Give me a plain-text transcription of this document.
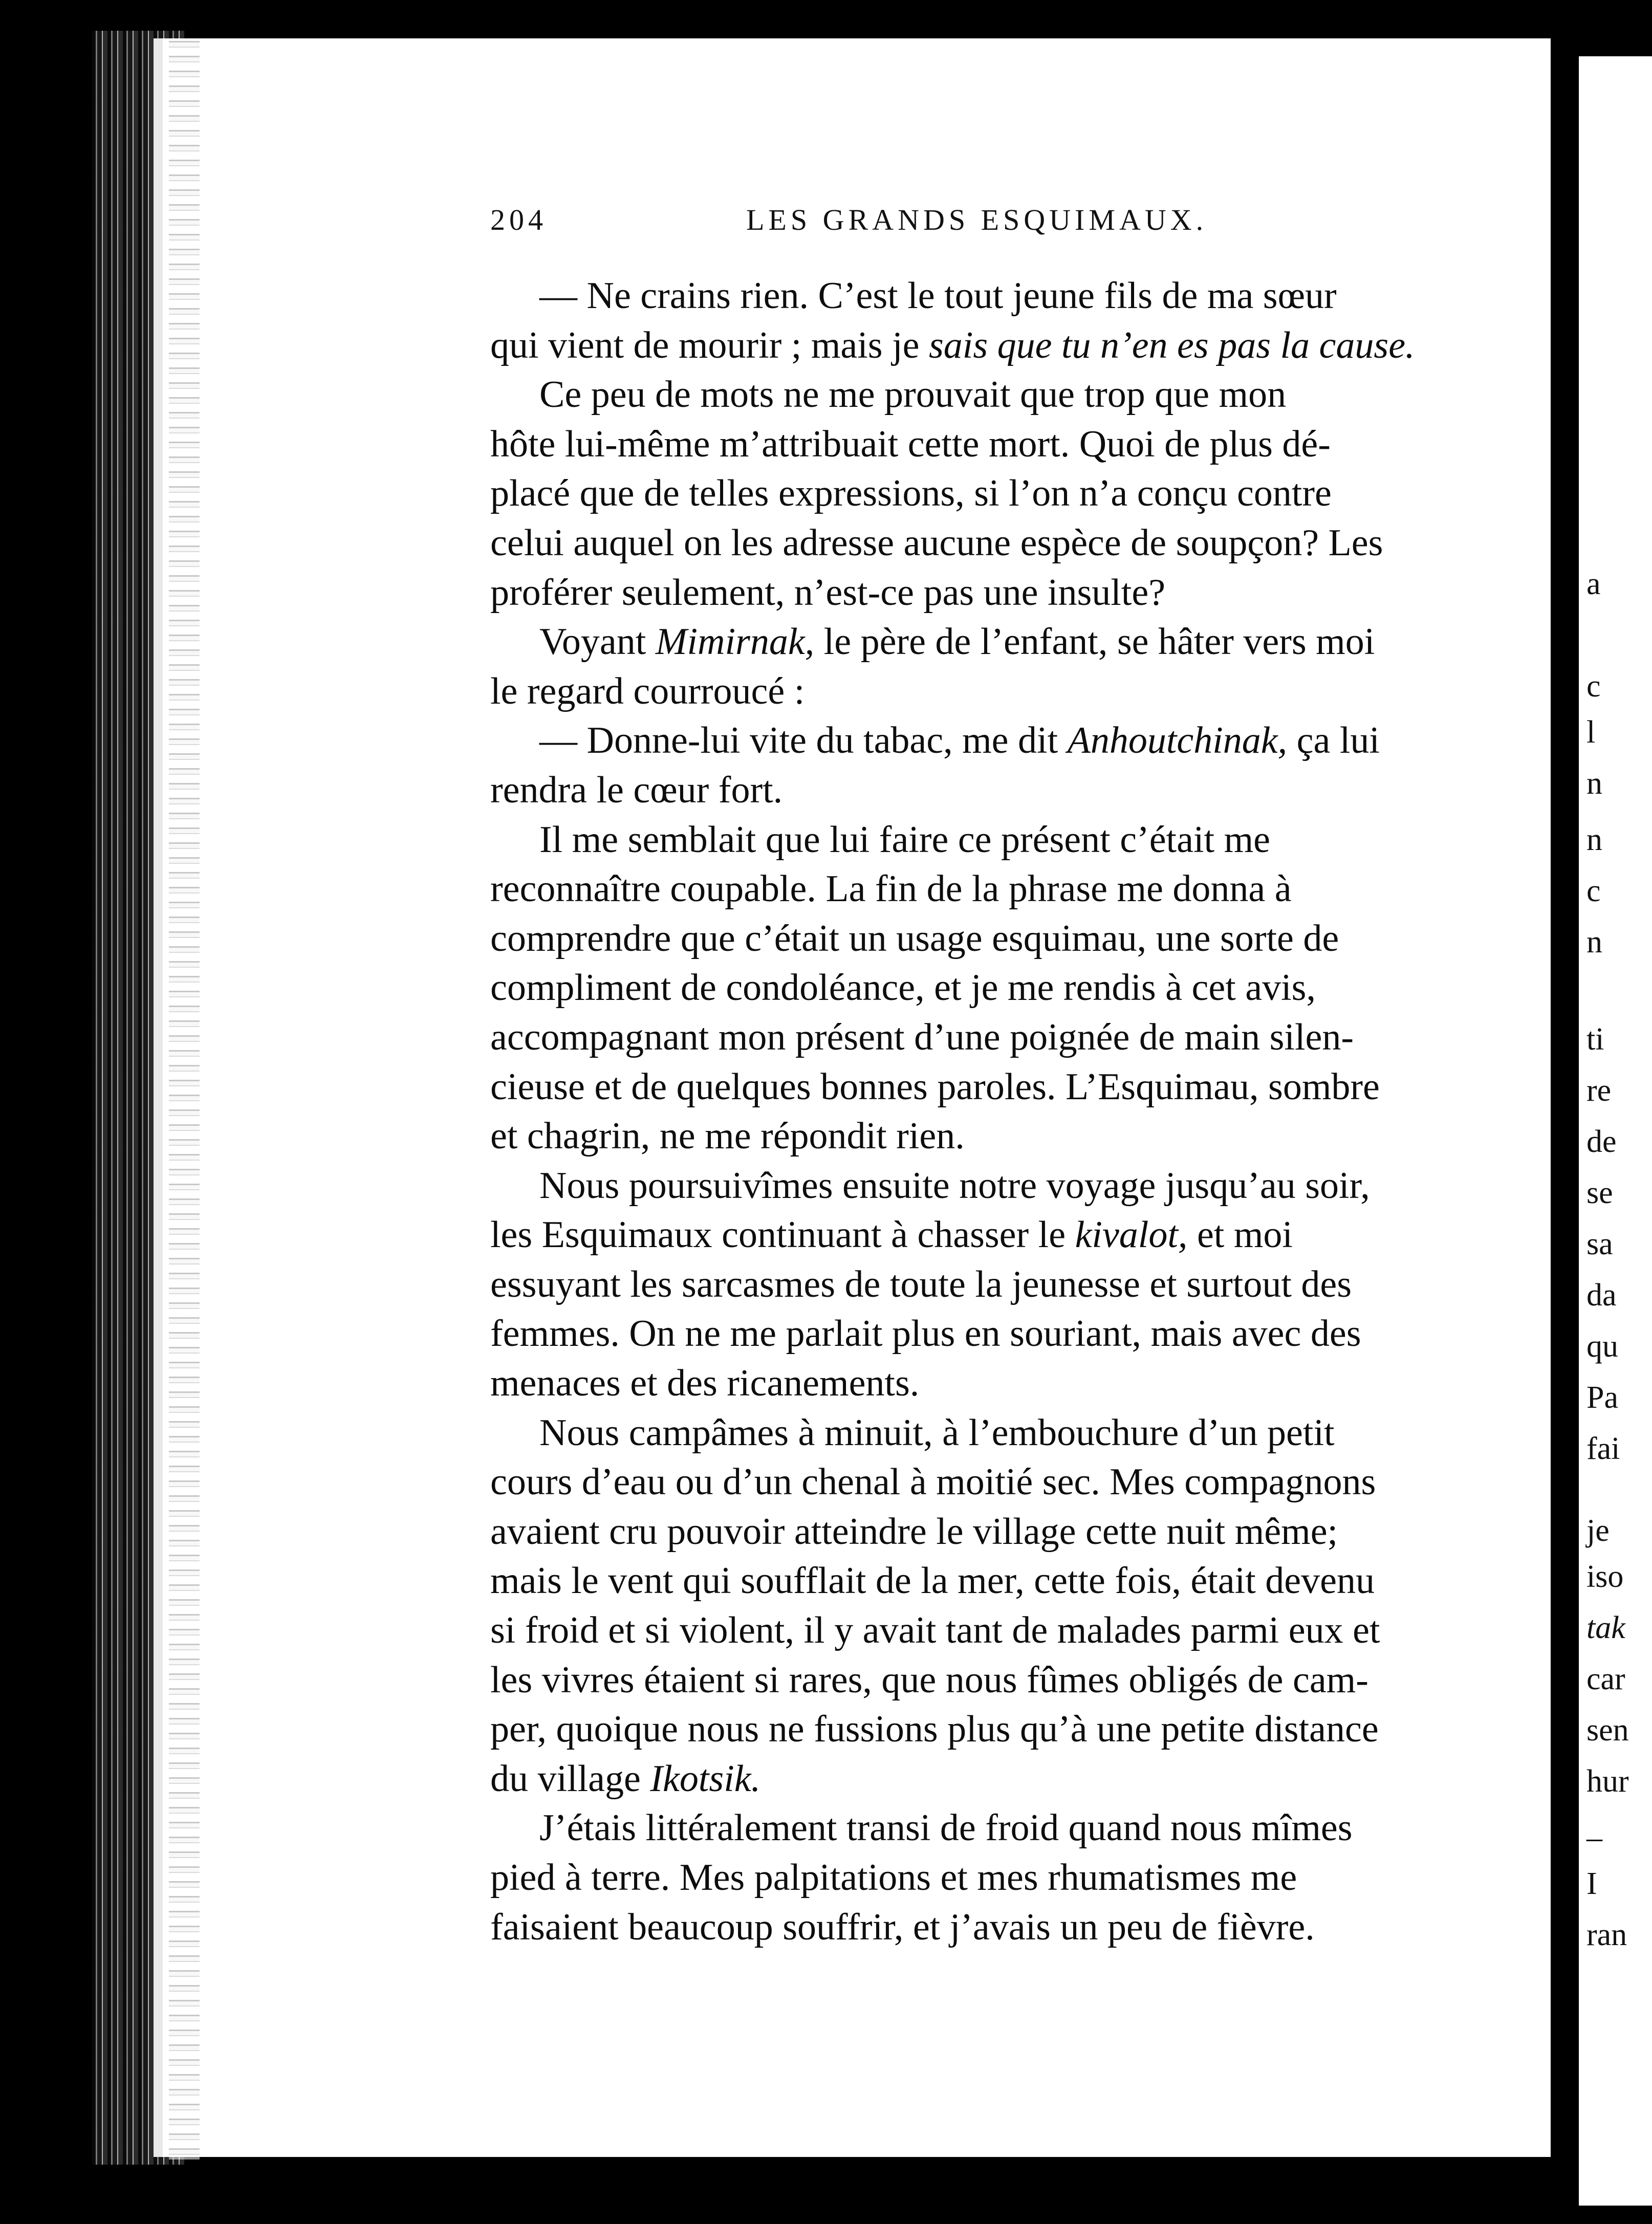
204	LES GRANDS ESQUIMAUX.

— Ne crains rien. C’est le tout jeune fils de ma sœur

qui vient de mourir ; mais je sais que tu n’en es pas la cause.

Ce peu de mots ne me prouvait que trop que mon

hôte lui-même m’attribuait cette mort. Quoi de plus dé-
placé que de telles expressions, si l’on n’a conçu contre
celui auquel on les adresse aucune espèce de soupçon? Les
proférer seulement, n’est-ce pas une insulte?

Voyant Mimirnak, le père de l’enfant, se hâter vers moi

le regard courroucé :

— Donne-lui vite du tabac, me dit Anhoutchinak, ça lui

rendra le cœur fort.

Il me semblait que lui faire ce présent c’était me

reconnaître coupable. La fin de la phrase me donna à
comprendre que c’était un usage esquimau, une sorte de
compliment de condoléance, et je me rendis à cet avis,
accompagnant mon présent d’une poignée de main silen-
cieuse et de quelques bonnes paroles. L’Esquimau, sombre
et chagrin, ne me répondit rien.

Nous poursuivîmes ensuite notre voyage jusqu’au soir,

les Esquimaux continuant à chasser le kivalot, et moi
essuyant les sarcasmes de toute la jeunesse et surtout des
femmes. On ne me parlait plus en souriant, mais avec des
menaces et des ricanements.

Nous campâmes à minuit, à l’embouchure d’un petit

cours d’eau ou d’un chenal à moitié sec. Mes compagnons
avaient cru pouvoir atteindre le village cette nuit même;
mais le vent qui soufflait de la mer, cette fois, était devenu
si froid et si violent, il y avait tant de malades parmi eux et
les vivres étaient si rares, que nous fûmes obligés de cam-
per, quoique nous ne fussions plus qu’à une petite distance
du village Ikotsik.

J’étais littéralement transi de froid quand nous mîmes

pied à terre. Mes palpitations et mes rhumatismes me
faisaient beaucoup souffrir, et j’avais un peu de fièvre.

a
c
l
n
n
c
n
ti
re
de
se
sa
da
qu
Pa
fai
je
iso
tak
car
sen
hur
–
I
ran
